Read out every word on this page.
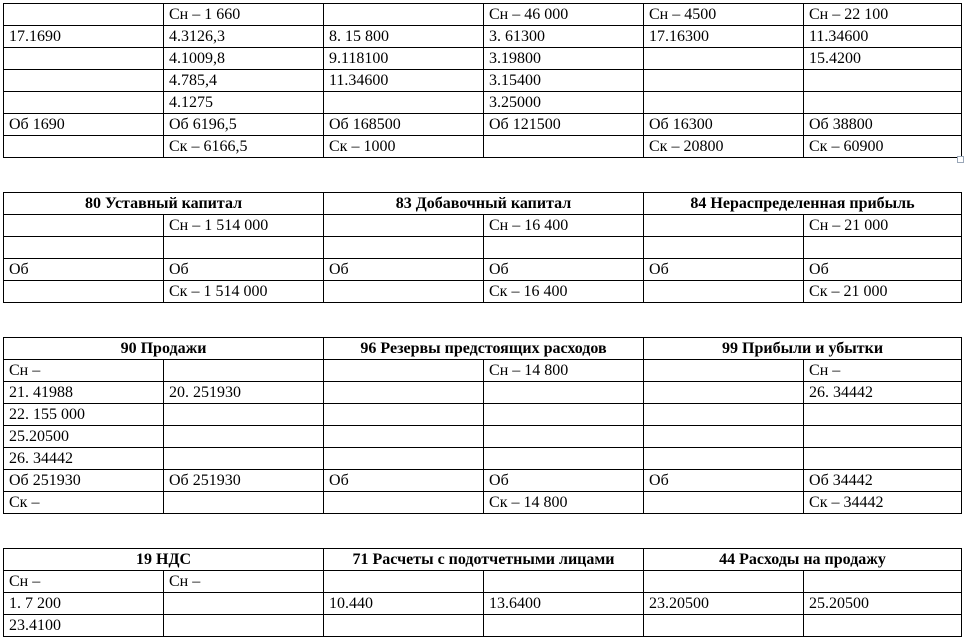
	Сн – 1 660		Сн – 46 000	Сн – 4500	Сн – 22 100
17.1690	4.3126,3	8. 15 800	3. 61300	17.16300	11.34600
	4.1009,8	9.118100	3.19800		15.4200
	4.785,4	11.34600	3.15400		
	4.1275		3.25000		
Об 1690	Об 6196,5	Об 168500	Об 121500	Об 16300	Об 38800
	Ск – 6166,5	Ск – 1000		Ск – 20800	Ск – 60900
80 Уставный капитал		83 Добавочный капитал		84 Нераспределенная прибыль	
	Сн – 1 514 000		Сн – 16 400		Сн – 21 000

Об	Об	Об	Об	Об	Об
	Ск – 1 514 000		Ск – 16 400		Ск – 21 000
90 Продажи		96 Резервы предстоящих расходов		99 Прибыли и убытки	
Сн –			Сн – 14 800		Сн –
21. 41988	20. 251930				26. 34442
22. 155 000					
25.20500					
26. 34442					
Об 251930	Об 251930	Об	Об	Об	Об 34442
Ск –			Ск – 14 800		Ск – 34442
19 НДС		71 Расчеты с подотчетными лицами		44 Расходы на продажу	
Сн –	Сн –				
1. 7 200		10.440	13.6400	23.20500	25.20500
23.4100					
